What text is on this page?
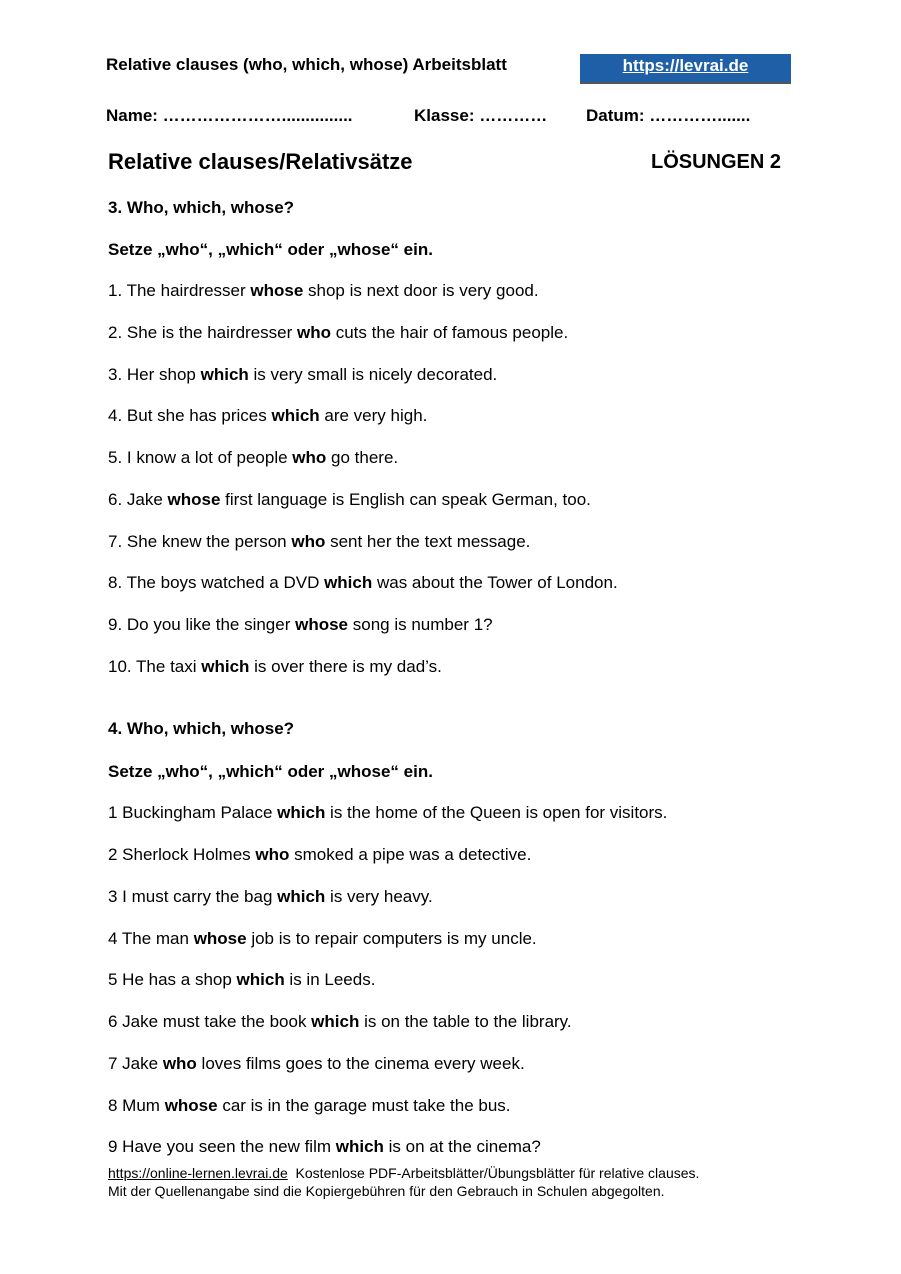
Relative clauses (who, which, whose) Arbeitsblatt	https://levrai.de
Name: …………………...............	Klasse: ………… Datum: ………….......
Relative clauses/Relativsätze	LÖSUNGEN 2
3. Who, which, whose?
Setze „who“, „which“ oder „whose“ ein.
1. The hairdresser whose shop is next door is very good.
2. She is the hairdresser who cuts the hair of famous people.
3. Her shop which is very small is nicely decorated.
4. But she has prices which are very high.
5. I know a lot of people who go there.
6. Jake whose first language is English can speak German, too.
7. She knew the person who sent her the text message.
8. The boys watched a DVD which was about the Tower of London.
9. Do you like the singer whose song is number 1?
10. The taxi which is over there is my dad’s.
4. Who, which, whose?
Setze „who“, „which“ oder „whose“ ein.
1 Buckingham Palace which is the home of the Queen is open for visitors.
2 Sherlock Holmes who smoked a pipe was a detective.
3 I must carry the bag which is very heavy.
4 The man whose job is to repair computers is my uncle.
5 He has a shop which is in Leeds.
6 Jake must take the book which is on the table to the library.
7 Jake who loves films goes to the cinema every week.
8 Mum whose car is in the garage must take the bus.
9 Have you seen the new film which is on at the cinema?
https://online-lernen.levrai.de  Kostenlose PDF-Arbeitsblätter/Übungsblätter für relative clauses.
Mit der Quellenangabe sind die Kopiergebühren für den Gebrauch in Schulen abgegolten.
